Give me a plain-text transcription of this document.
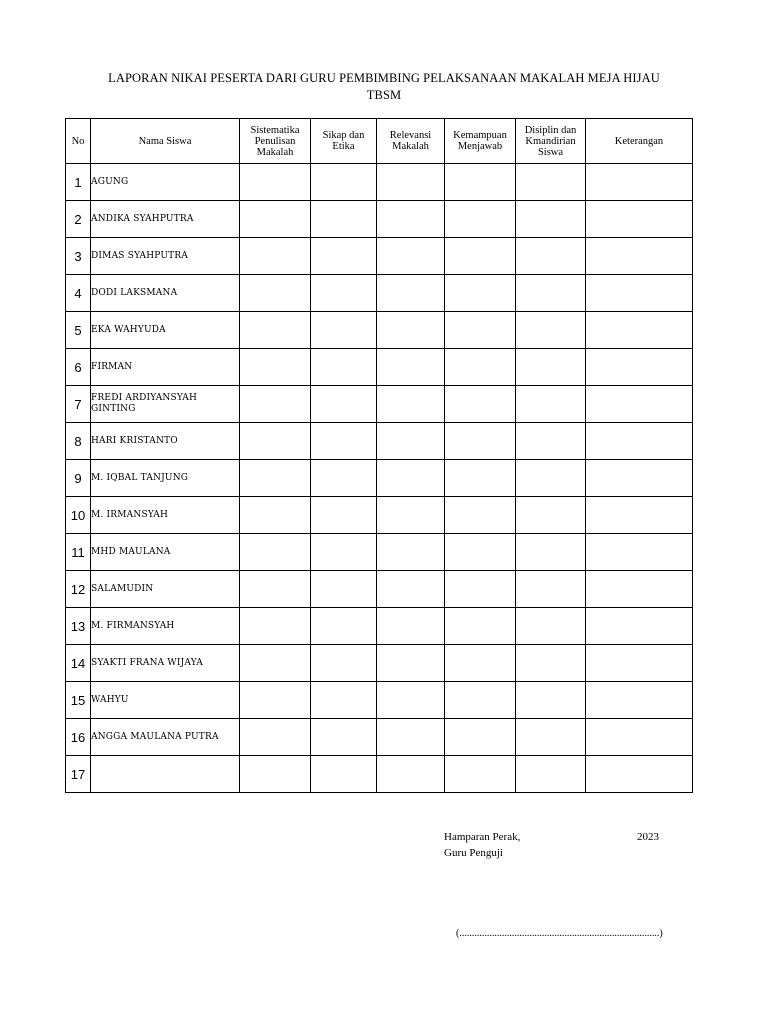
LAPORAN NIKAI PESERTA DARI GURU PEMBIMBING PELAKSANAAN MAKALAH MEJA HIJAU
TBSM
No	Nama Siswa	Sistematika Penulisan Makalah	Sikap dan Etika	Relevansi Makalah	Kemampuan Menjawab	Disiplin dan Kmandirian Siswa	Keterangan
1	AGUNG						
2	ANDIKA SYAHPUTRA						
3	DIMAS SYAHPUTRA						
4	DODI LAKSMANA						
5	EKA WAHYUDA						
6	FIRMAN						
7	FREDI ARDIYANSYAH GINTING						
8	HARI KRISTANTO						
9	M. IQBAL TANJUNG						
10	M. IRMANSYAH						
11	MHD MAULANA						
12	SALAMUDIN						
13	M. FIRMANSYAH						
14	SYAKTI FRANA WIJAYA						
15	WAHYU						
16	ANGGA MAULANA PUTRA						
17							
Hamparan Perak,	2023
Guru Penguji
(................................................................................)
